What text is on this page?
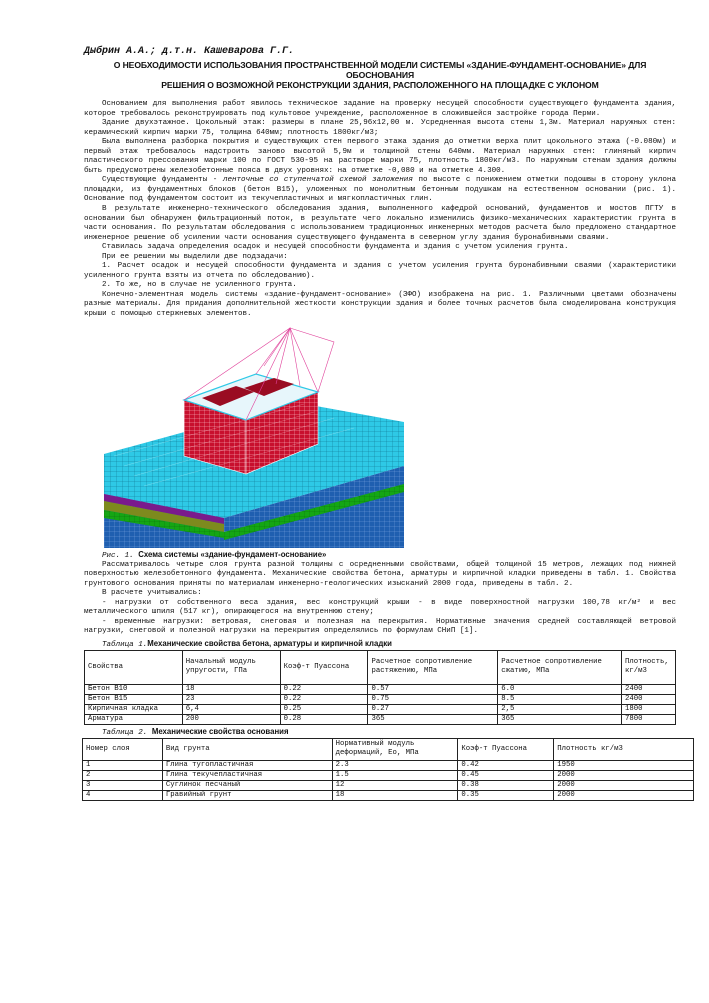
Дыбрин А.А.; д.т.н. Кашеварова Г.Г.
О НЕОБХОДИМОСТИ ИСПОЛЬЗОВАНИЯ ПРОСТРАНСТВЕННОЙ МОДЕЛИ СИСТЕМЫ «ЗДАНИЕ-ФУНДАМЕНТ-ОСНОВАНИЕ» ДЛЯ ОБОСНОВАНИЯ
РЕШЕНИЯ О ВОЗМОЖНОЙ РЕКОНСТРУКЦИИ ЗДАНИЯ, РАСПОЛОЖЕННОГО НА ПЛОЩАДКЕ С УКЛОНОМ

Основанием для выполнения работ явилось техническое задание на проверку несущей способности существующего фундамента здания, которое требовалось реконструировать под культовое учреждение, расположенное в сложившейся застройке города Перми.

Здание двухэтажное. Цокольный этаж: размеры в плане 25,96х12,00 м. Усредненная высота стены 1,3м. Материал наружных стен: керамический кирпич марки 75, толщина 640мм; плотность 1800кг/м3;

Была выполнена разборка покрытия и существующих стен первого этажа здания до отметки верха плит цокольного этажа (-0.080м) и первый этаж требовалось надстроить заново высотой 5,9м и толщиной стены 640мм. Материал наружных стен: глиняный кирпич пластического прессования марки 100 по ГОСТ 530-95 на растворе марки 75, плотность 1800кг/м3. По наружным стенам здания должны быть предусмотрены железобетонные пояса в двух уровнях: на отметке -0,080 и на отметке 4.300.

Существующие фундаменты - ленточные со ступенчатой схемой заложения по высоте с понижением отметки подошвы в сторону уклона площадки, из фундаментных блоков (бетон В15), уложенных по монолитным бетонным подушкам на естественном основании (рис. 1). Основание под фундаментом состоит из текучепластичных и мягкопластичных глин.

В результате инженерно-технического обследования здания, выполненного кафедрой оснований, фундаментов и мостов ПГТУ в основании был обнаружен фильтрационный поток, в результате чего локально изменились физико-механических характеристик грунта в части основания. По результатам обследования с использованием традиционных инженерных методов расчета было предложено стандартное инженерное решение об усилении части основания существующего фундамента в северном углу здания буронабивными сваями.

Ставилась задача определения осадок и несущей способности фундамента и здания с учетом усиления грунта.

При ее решении мы выделили две подзадачи:

1. Расчет осадок и несущей способности фундамента и здания с учетом усиления грунта буронабивными сваями (характеристики усиленного грунта взяты из отчета по обследованию).

2. То же, но в случае не усиленного грунта.

Конечно-элементная модель системы «здание-фундамент-основание» (ЗФО) изображена на рис. 1. Различными цветами обозначены разные материалы. Для придания дополнительной жесткости конструкции здания и более точных расчетов была смоделирована конструкция крыши с помощью стержневых элементов.

Рис. 1. Схема системы «здание-фундамент-основание»

Рассматривалось четыре слоя грунта разной толщины с осредненными свойствами, общей толщиной 15 метров, лежащих под нижней поверхностью железобетонного фундамента. Механические свойства бетона, арматуры и кирпичной кладки приведены в табл. 1. Свойства грунтового основания приняты по материалам инженерно-геологических изысканий 2000 года, приведены в табл. 2.

В расчете учитывались:

- нагрузки от собственного веса здания, вес конструкций крыши - в виде поверхностной нагрузки 100,78 кг/м² и вес металлического шпиля (517 кг), опирающегося на внутреннюю стену;

- временные нагрузки: ветровая, снеговая и полезная на перекрытия. Нормативные значения средней составляющей ветровой нагрузки, снеговой и полезной нагрузки на перекрытия определялись по формулам СНиП [1].

Таблица 1.Механические свойства бетона, арматуры и кирпичной кладки
Свойства	Начальный модуль упругости, ГПа	Коэф-т Пуассона	Расчетное сопротивление растяжению, МПа	Расчетное сопротивление сжатию, МПа	Плотность, кг/м3
Бетон В10	18	0.22	0.57	6.0	2400
Бетон В15	23	0.22	0.75	8.5	2400
Кирпичная кладка	6,4	0.25	0.27	2,5	1800
Арматура	200	0.28	365	365	7800
Таблица 2. Механические свойства основания
Номер слоя	Вид грунта	Нормативный модуль деформаций, Ео, МПа	Коэф-т Пуассона	Плотность кг/м3
1	Глина тугопластичная	2.3	0.42	1950
2	Глина текучепластичная	1.5	0.45	2000
3	Суглинок песчаный	12	0.38	2000
4	Гравийный грунт	18	0.35	2000
